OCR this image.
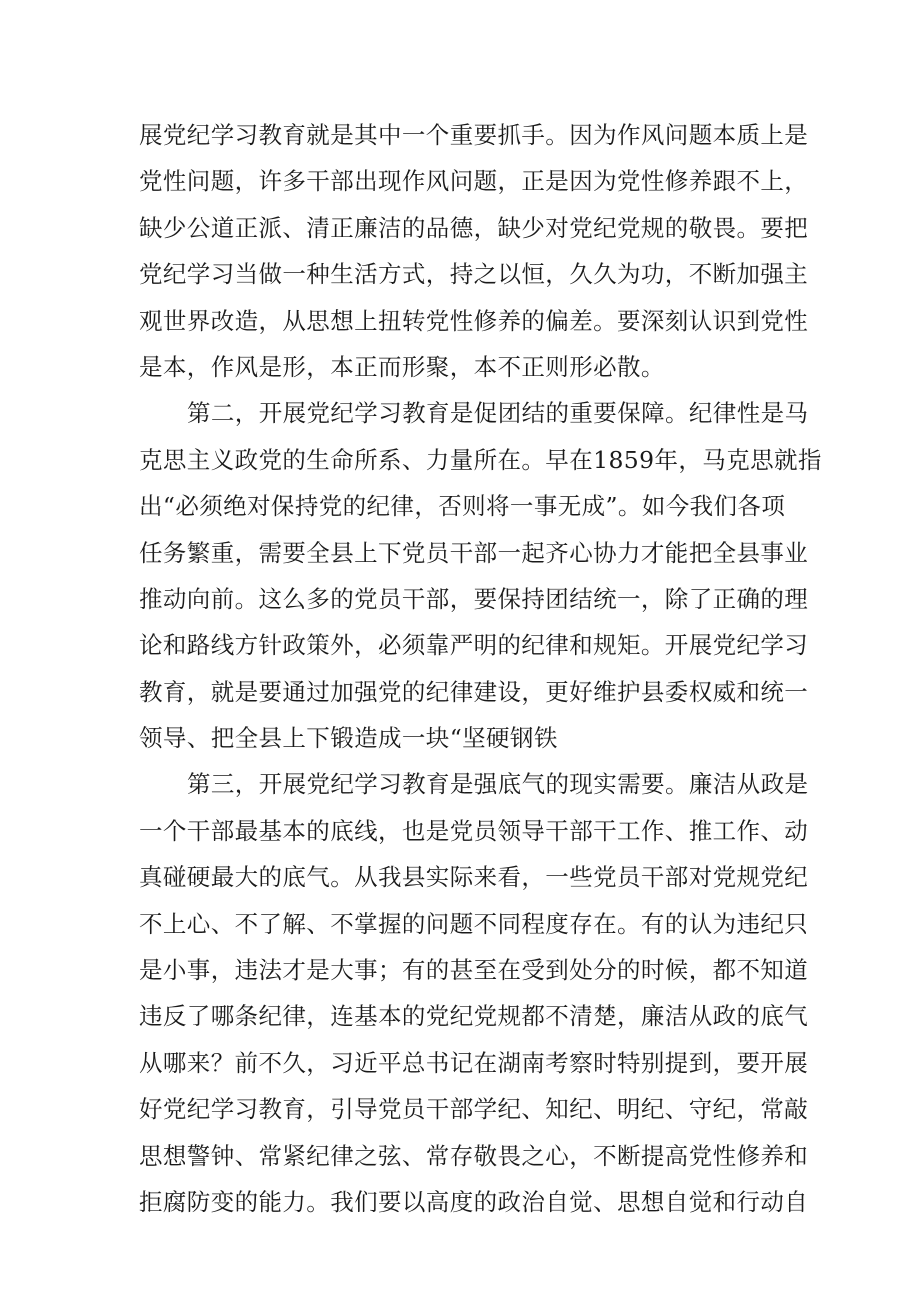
展党纪学习教育就是其中一个重要抓手。因为作风问题本质上是
党性问题，许多干部出现作风问题，正是因为党性修养跟不上，
缺少公道正派、清正廉洁的品德，缺少对党纪党规的敬畏。要把
党纪学习当做一种生活方式，持之以恒，久久为功，不断加强主
观世界改造，从思想上扭转党性修养的偏差。要深刻认识到党性
是本，作风是形，本正而形聚，本不正则形必散。
第二，开展党纪学习教育是促团结的重要保障。纪律性是马
克思主义政党的生命所系、力量所在。早在1859年，马克思就指
出“必须绝对保持党的纪律，否则将一事无成”。如今我们各项
任务繁重，需要全县上下党员干部一起齐心协力才能把全县事业
推动向前。这么多的党员干部，要保持团结统一，除了正确的理
论和路线方针政策外，必须靠严明的纪律和规矩。开展党纪学习
教育，就是要通过加强党的纪律建设，更好维护县委权威和统一
领导、把全县上下锻造成一块“坚硬钢铁
第三，开展党纪学习教育是强底气的现实需要。廉洁从政是
一个干部最基本的底线，也是党员领导干部干工作、推工作、动
真碰硬最大的底气。从我县实际来看，一些党员干部对党规党纪
不上心、不了解、不掌握的问题不同程度存在。有的认为违纪只
是小事，违法才是大事；有的甚至在受到处分的时候，都不知道
违反了哪条纪律，连基本的党纪党规都不清楚，廉洁从政的底气
从哪来？前不久，习近平总书记在湖南考察时特别提到，要开展
好党纪学习教育，引导党员干部学纪、知纪、明纪、守纪，常敲
思想警钟、常紧纪律之弦、常存敬畏之心，不断提高党性修养和
拒腐防变的能力。我们要以高度的政治自觉、思想自觉和行动自
